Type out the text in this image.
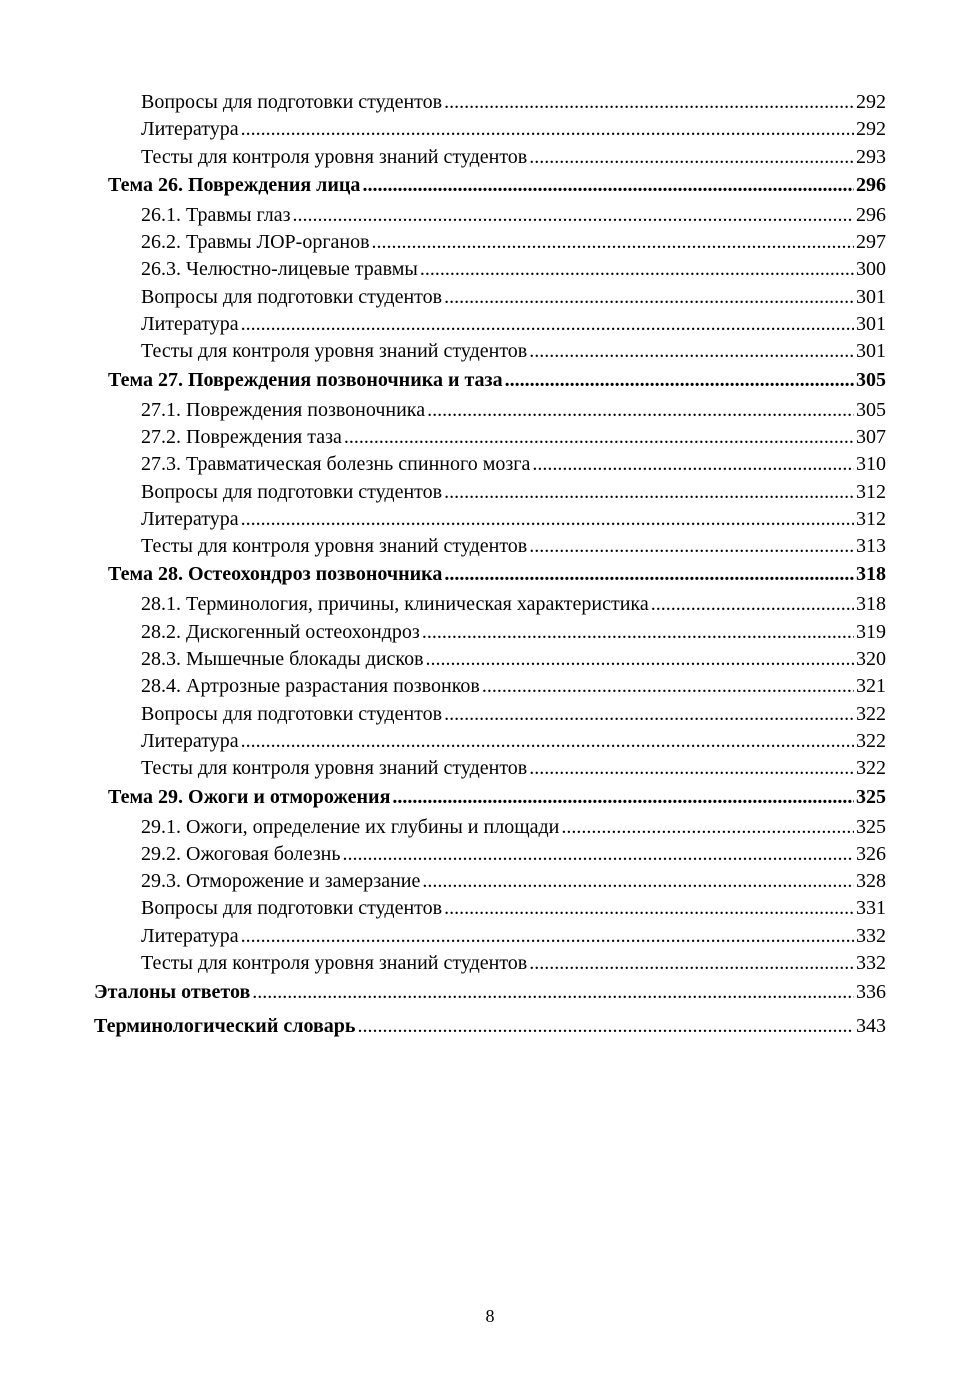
Вопросы для подготовки студентов .....	292
Литература .....	292
Тесты для контроля уровня знаний студентов .....	293
Тема 26. Повреждения лица .....	296
26.1. Травмы глаз .....	296
26.2. Травмы ЛОР-органов .....	297
26.3. Челюстно-лицевые травмы .....	300
Вопросы для подготовки студентов .....	301
Литература .....	301
Тесты для контроля уровня знаний студентов .....	301
Тема 27. Повреждения позвоночника и таза .....	305
27.1. Повреждения позвоночника .....	305
27.2. Повреждения таза .....	307
27.3. Травматическая болезнь спинного мозга .....	310
Вопросы для подготовки студентов .....	312
Литература .....	312
Тесты для контроля уровня знаний студентов .....	313
Тема 28. Остеохондроз позвоночника .....	318
28.1. Терминология, причины, клиническая характеристика .....	318
28.2. Дискогенный остеохондроз .....	319
28.3. Мышечные блокады дисков .....	320
28.4. Артрозные разрастания позвонков .....	321
Вопросы для подготовки студентов .....	322
Литература .....	322
Тесты для контроля уровня знаний студентов .....	322
Тема 29. Ожоги и отморожения .....	325
29.1. Ожоги, определение их глубины и площади .....	325
29.2. Ожоговая болезнь .....	326
29.3. Отморожение и замерзание .....	328
Вопросы для подготовки студентов .....	331
Литература .....	332
Тесты для контроля уровня знаний студентов .....	332
Эталоны ответов .....	336
Терминологический словарь .....	343
8
